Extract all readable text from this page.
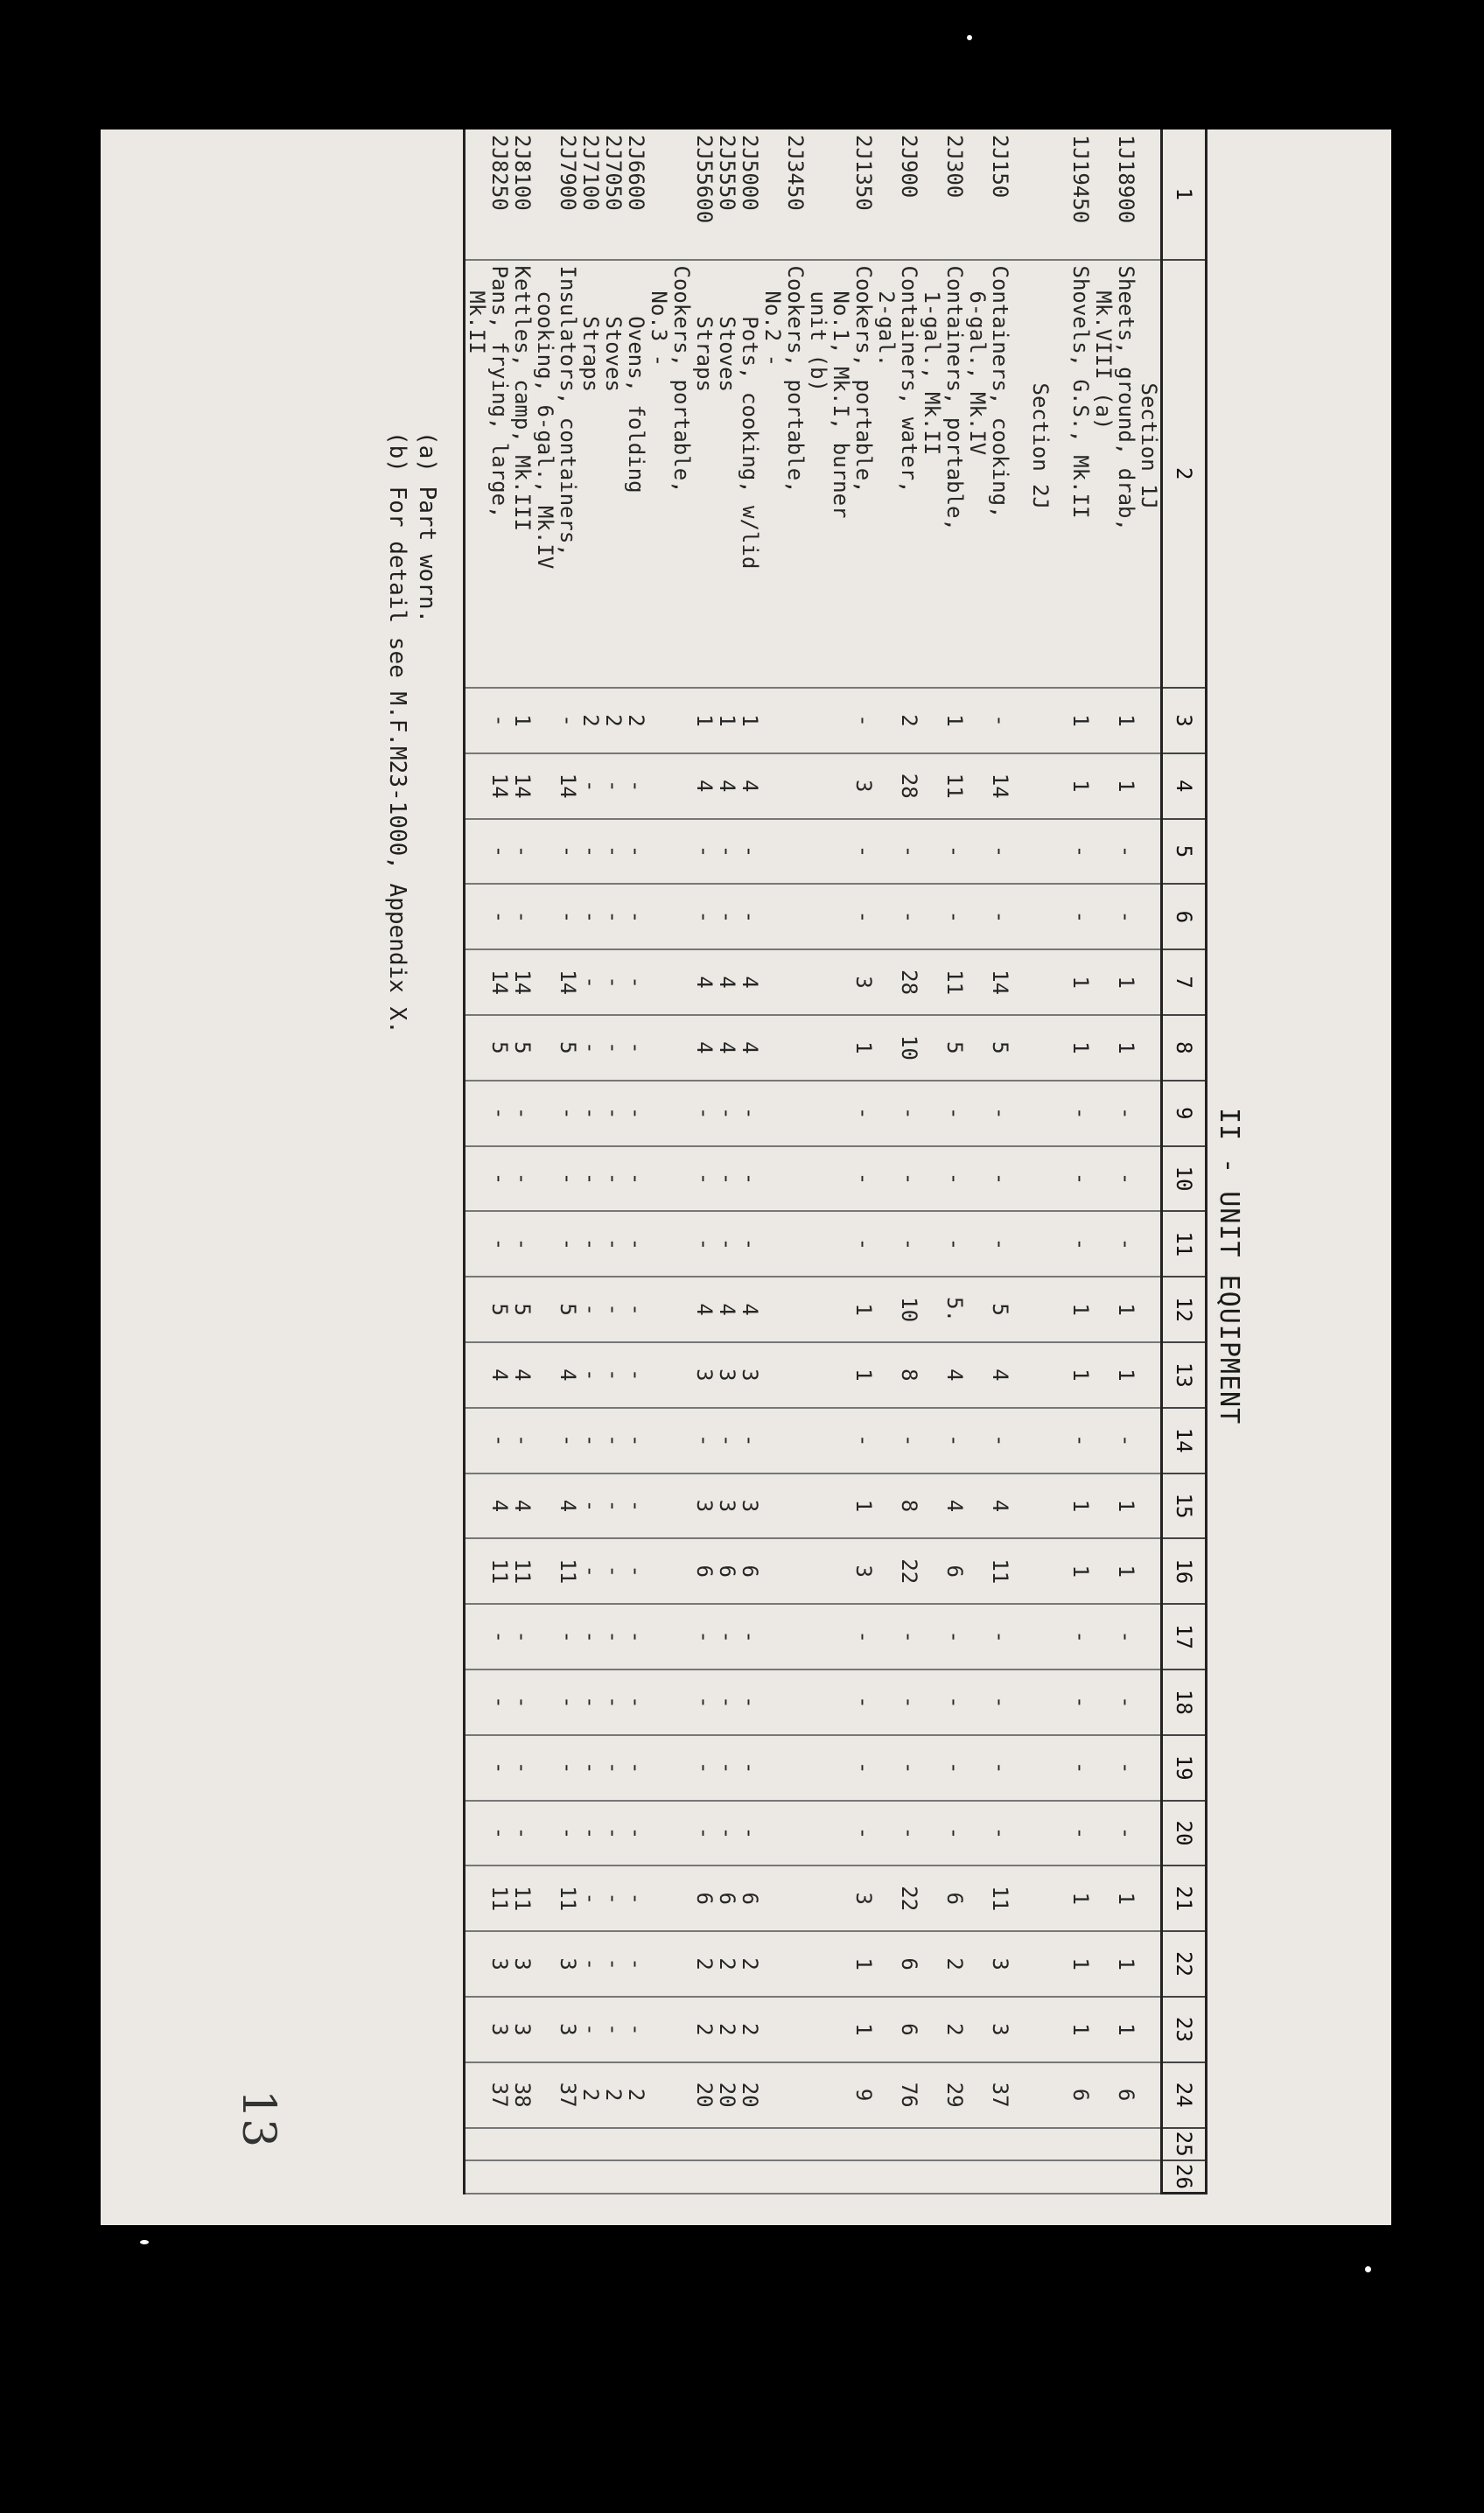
II - UNIT EQUIPMENT
1	2	3	4	5	6	7	8	9	10	11	12	13	14	15	16	17	18	19	20	21	22	23	24	25	26
	Section 1J																								
1J18900	Sheets, ground, drab,	1	1	-	-	1	1	-	-	-	1	1	-	1	1	-	-	-	-	1	1	1	6		
	Mk.VIII (a)																								
1J19450	Shovels, G.S., Mk.II	1	1	-	-	1	1	-	-	-	1	1	-	1	1	-	-	-	-	1	1	1	6		

	Section 2J																								

2J150	Containers, cooking,	-	14	-	-	14	5	-	-	-	5	4	-	4	11	-	-	-	-	11	3	3	37		
	6-gal., Mk.IV																								
2J300	Containers, portable,	1	11	-	-	11	5	-	-	-	5.	4	-	4	6	-	-	-	-	6	2	2	29		
	1-gal., Mk.II																								
2J900	Containers, water,	2	28	-	-	28	10	-	-	-	10	8	-	8	22	-	-	-	-	22	6	6	76		
	2-gal.																								
2J1350	Cookers, portable,	-	3	-	-	3	1	-	-	-	1	1	-	1	3	-	-	-	-	3	1	1	9		
	No.1, Mk.I, burner																								
	unit (b)																								
2J3450	Cookers, portable,																								
	No.2 -																								
2J5000	Pots, cooking, w/lid	1	4	-	-	4	4	-	-	-	4	3	-	3	6	-	-	-	-	6	2	2	20		
2J5550	Stoves	1	4	-	-	4	4	-	-	-	4	3	-	3	6	-	-	-	-	6	2	2	20		
2J55600	Straps	1	4	-	-	4	4	-	-	-	4	3	-	3	6	-	-	-	-	6	2	2	20		
	Cookers, portable,																								
	No.3 -																								
2J6600	Ovens, folding	2	-	-	-	-	-	-	-	-	-	-	-	-	-	-	-	-	-	-	-	-	2		
2J7050	Stoves	2	-	-	-	-	-	-	-	-	-	-	-	-	-	-	-	-	-	-	-	-	2		
2J7100	Straps	2	-	-	-	-	-	-	-	-	-	-	-	-	-	-	-	-	-	-	-	-	2		
2J7900	Insulators, containers,	-	14	-	-	14	5	-	-	-	5	4	-	4	11	-	-	-	-	11	3	3	37		
	cooking, 6-gal., Mk.IV																								
2J8100	Kettles, camp, Mk.III	1	14	-	-	14	5	-	-	-	5	4	-	4	11	-	-	-	-	11	3	3	38		
2J8250	Pans, frying, large,	-	14	-	-	14	5	-	-	-	5	4	-	4	11	-	-	-	-	11	3	3	37		
	Mk.II																								
(a) Part worn.
(b) For detail see M.F.M23-1000, Appendix X.
13
